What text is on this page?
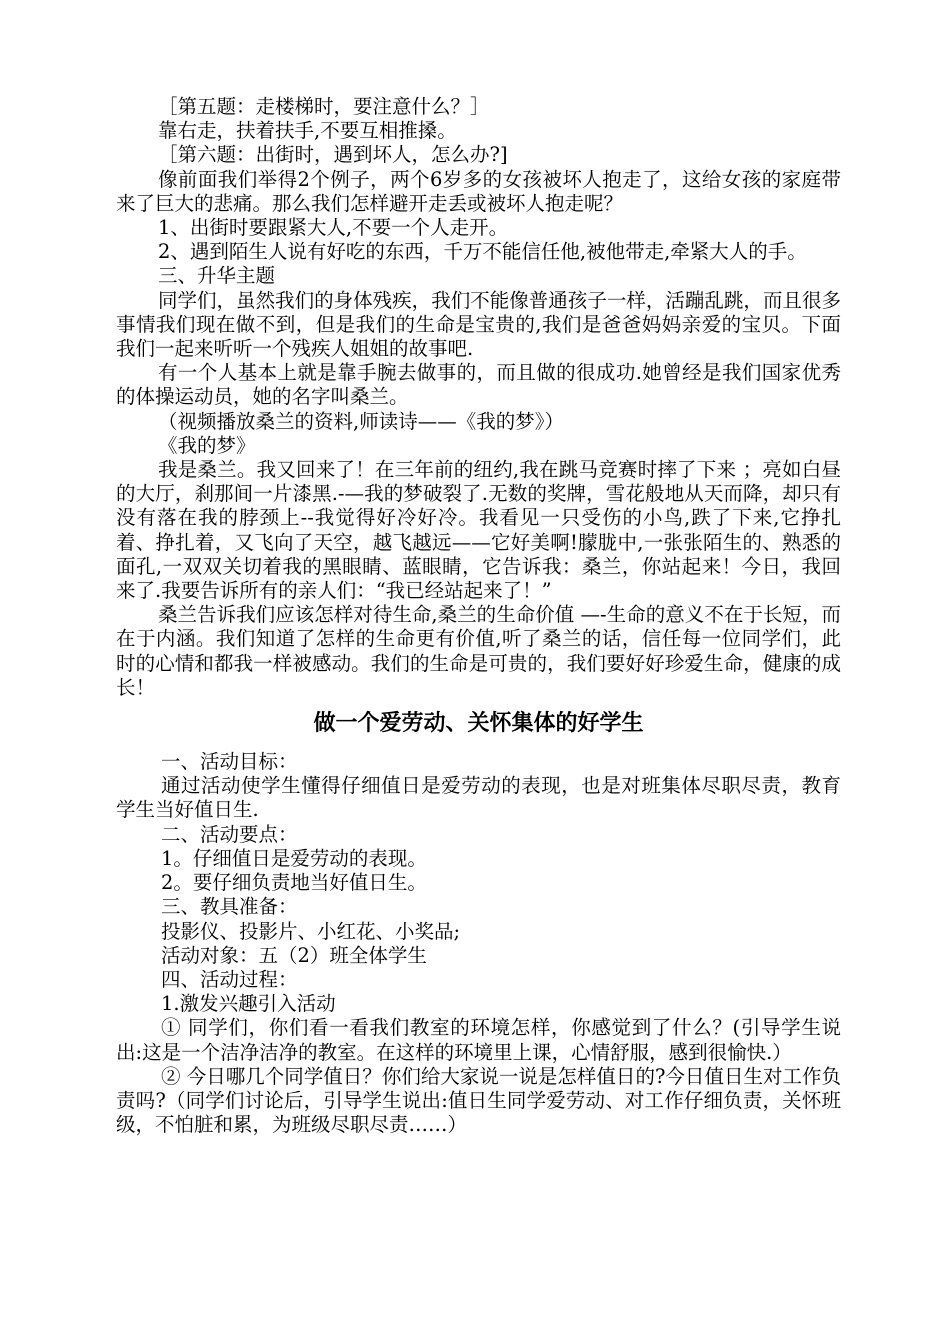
［第五题：走楼梯时，要注意什么？］

靠右走，扶着扶手,不要互相推搡。

［第六题：出街时，遇到坏人，怎么办?]

像前面我们举得2个例子，两个6岁多的女孩被坏人抱走了，这给女孩的家庭带来了巨大的悲痛。那么我们怎样避开走丢或被坏人抱走呢？

1、出街时要跟紧大人,不要一个人走开。

2、遇到陌生人说有好吃的东西，千万不能信任他,被他带走,牵紧大人的手。

三、升华主题

同学们，虽然我们的身体残疾，我们不能像普通孩子一样，活蹦乱跳，而且很多事情我们现在做不到，但是我们的生命是宝贵的,我们是爸爸妈妈亲爱的宝贝。下面我们一起来听听一个残疾人姐姐的故事吧.

有一个人基本上就是靠手腕去做事的，而且做的很成功.她曾经是我们国家优秀的体操运动员，她的名字叫桑兰。

（视频播放桑兰的资料,师读诗——《我的梦》）

《我的梦》

我是桑兰。我又回来了！在三年前的纽约,我在跳马竞赛时摔了下来 ；亮如白昼的大厅，刹那间一片漆黑.-—我的梦破裂了.无数的奖牌，雪花般地从天而降，却只有没有落在我的脖颈上--我觉得好冷好冷。我看见一只受伤的小鸟,跌了下来,它挣扎着、挣扎着，又飞向了天空，越飞越远——它好美啊!朦胧中,一张张陌生的、熟悉的面孔,一双双关切着我的黑眼睛、蓝眼睛，它告诉我：桑兰，你站起来！今日，我回来了.我要告诉所有的亲人们：“我已经站起来了！”

桑兰告诉我们应该怎样对待生命,桑兰的生命价值 —-生命的意义不在于长短，而在于内涵。我们知道了怎样的生命更有价值,听了桑兰的话，信任每一位同学们，此时的心情和都我一样被感动。我们的生命是可贵的，我们要好好珍爱生命，健康的成长！

做一个爱劳动、关怀集体的好学生

一、活动目标：

通过活动使学生懂得仔细值日是爱劳动的表现，也是对班集体尽职尽责，教育学生当好值日生.

二、活动要点：

1。仔细值日是爱劳动的表现。

2。要仔细负责地当好值日生。

三、教具准备：

投影仪、投影片、小红花、小奖品;

活动对象：五（2）班全体学生

四、活动过程：

1.激发兴趣引入活动

① 同学们，你们看一看我们教室的环境怎样，你感觉到了什么？(引导学生说出:这是一个洁净洁净的教室。在这样的环境里上课，心情舒服，感到很愉快.）

② 今日哪几个同学值日？你们给大家说一说是怎样值日的?今日值日生对工作负责吗?（同学们讨论后，引导学生说出:值日生同学爱劳动、对工作仔细负责，关怀班级，不怕脏和累，为班级尽职尽责……）
